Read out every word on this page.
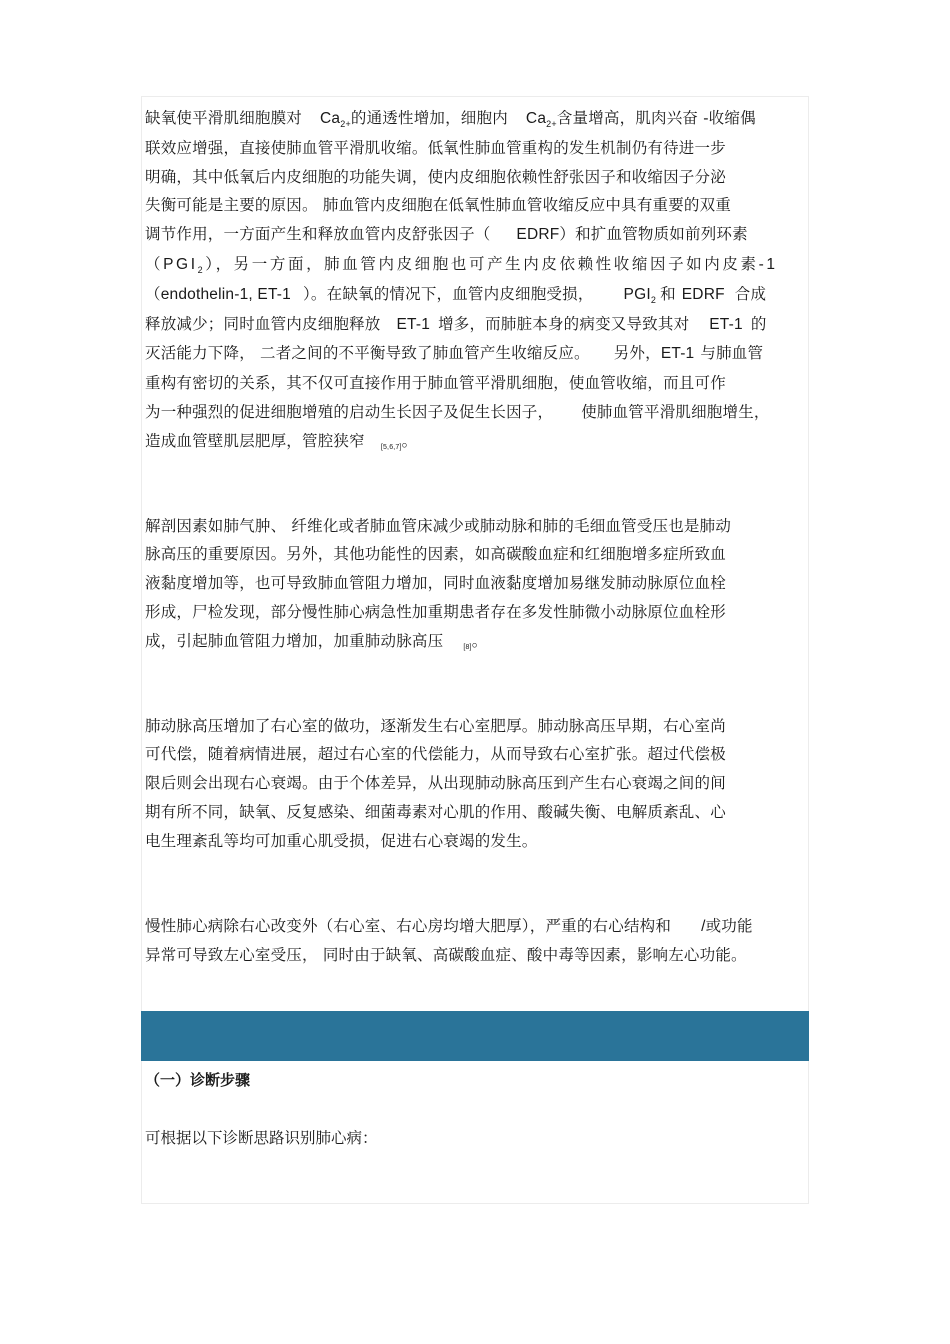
缺氧使平滑肌细胞膜对 $Ca_{2+}$的通透性增加，细胞内 $Ca_{2+}$含量增高，肌肉兴奋 -收缩偶
联效应增强，直接使肺血管平滑肌收缩。低氧性肺血管重构的发生机制仍有待进一步
明确，其中低氧后内皮细胞的功能失调，使内皮细胞依赖性舒张因子和收缩因子分泌
失衡可能是主要的原因。 肺血管内皮细胞在低氧性肺血管收缩反应中具有重要的双重
调节作用，一方面产生和释放血管内皮舒张因子（ EDRF）和扩血管物质如前列环素
$(PGI_2)$，另一方面，肺血管内皮细胞也可产生内皮依赖性收缩因子如内皮素-1
（endothelin-1, ET-1 ）。在缺氧的情况下，血管内皮细胞受损， $PGI_2$ 和 EDRF 合成
释放减少；同时血管内皮细胞释放 ET-1 增多，而肺脏本身的病变又导致其对 ET-1 的
灭活能力下降， 二者之间的不平衡导致了肺血管产生收缩反应。 另外，ET-1 与肺血管
重构有密切的关系，其不仅可直接作用于肺血管平滑肌细胞，使血管收缩，而且可作
为一种强烈的促进细胞增殖的启动生长因子及促生长因子， 使肺血管平滑肌细胞增生，
造成血管壁肌层肥厚，管腔狭窄 [5,6,7]。

解剖因素如肺气肿、 纤维化或者肺血管床减少或肺动脉和肺的毛细血管受压也是肺动
脉高压的重要原因。另外，其他功能性的因素，如高碳酸血症和红细胞增多症所致血
液黏度增加等，也可导致肺血管阻力增加，同时血液黏度增加易继发肺动脉原位血栓
形成，尸检发现，部分慢性肺心病急性加重期患者存在多发性肺微小动脉原位血栓形
成，引起肺血管阻力增加，加重肺动脉高压	[8]。

肺动脉高压增加了右心室的做功，逐渐发生右心室肥厚。肺动脉高压早期，右心室尚
可代偿，随着病情进展，超过右心室的代偿能力，从而导致右心室扩张。超过代偿极
限后则会出现右心衰竭。由于个体差异，从出现肺动脉高压到产生右心衰竭之间的间
期有所不同，缺氧、反复感染、细菌毒素对心肌的作用、酸碱失衡、电解质紊乱、心
电生理紊乱等均可加重心肌受损，促进右心衰竭的发生。

慢性肺心病除右心改变外（右心室、右心房均增大肥厚），严重的右心结构和 /或功能
异常可导致左心室受压， 同时由于缺氧、高碳酸血症、酸中毒等因素，影响左心功能。

（一）诊断步骤

可根据以下诊断思路识别肺心病：
